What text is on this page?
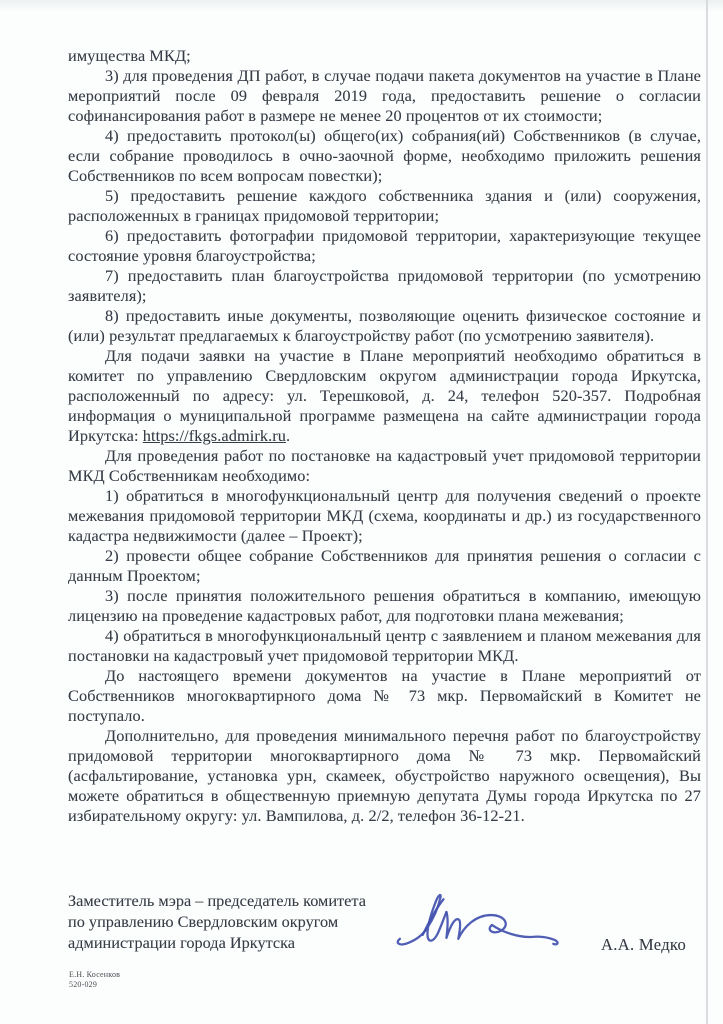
имущества МКД;

3) для проведения ДП работ, в случае подачи пакета документов на участие в Плане мероприятий после 09 февраля 2019 года, предоставить решение о согласии софинансирования работ в размере не менее 20 процентов от их стоимости;

4) предоставить протокол(ы) общего(их) собрания(ий) Собственников (в случае, если собрание проводилось в очно-заочной форме, необходимо приложить решения Собственников по всем вопросам повестки);

5) предоставить решение каждого собственника здания и (или) сооружения, расположенных в границах придомовой территории;

6) предоставить фотографии придомовой территории, характеризующие текущее состояние уровня благоустройства;

7) предоставить план благоустройства придомовой территории (по усмотрению заявителя);

8) предоставить иные документы, позволяющие оценить физическое состояние и (или) результат предлагаемых к благоустройству работ (по усмотрению заявителя).

Для подачи заявки на участие в Плане мероприятий необходимо обратиться в комитет по управлению Свердловским округом администрации города Иркутска, расположенный по адресу: ул. Терешковой, д. 24, телефон 520-357. Подробная информация о муниципальной программе размещена на сайте администрации города Иркутска: https://fkgs.admirk.ru.

Для проведения работ по постановке на кадастровый учет придомовой территории МКД Собственникам необходимо:

1) обратиться в многофункциональный центр для получения сведений о проекте межевания придомовой территории МКД (схема, координаты и др.) из государственного кадастра недвижимости (далее – Проект);

2) провести общее собрание Собственников для принятия решения о согласии с данным Проектом;

3) после принятия положительного решения обратиться в компанию, имеющую лицензию на проведение кадастровых работ, для подготовки плана межевания;

4) обратиться в многофункциональный центр с заявлением и планом межевания для постановки на кадастровый учет придомовой территории МКД.

До настоящего времени документов на участие в Плане мероприятий от Собственников многоквартирного дома № 73 мкр. Первомайский в Комитет не поступало.

Дополнительно, для проведения минимального перечня работ по благоустройству придомовой территории многоквартирного дома № 73 мкр. Первомайский (асфальтирование, установка урн, скамеек, обустройство наружного освещения), Вы можете обратиться в общественную приемную депутата Думы города Иркутска по 27 избирательному округу: ул. Вампилова, д. 2/2, телефон 36-12-21.

Заместитель мэра – председатель комитета
по управлению Свердловским округом
администрации города Иркутска	А.А. Медко
Е.Н. Косенков
520-029
